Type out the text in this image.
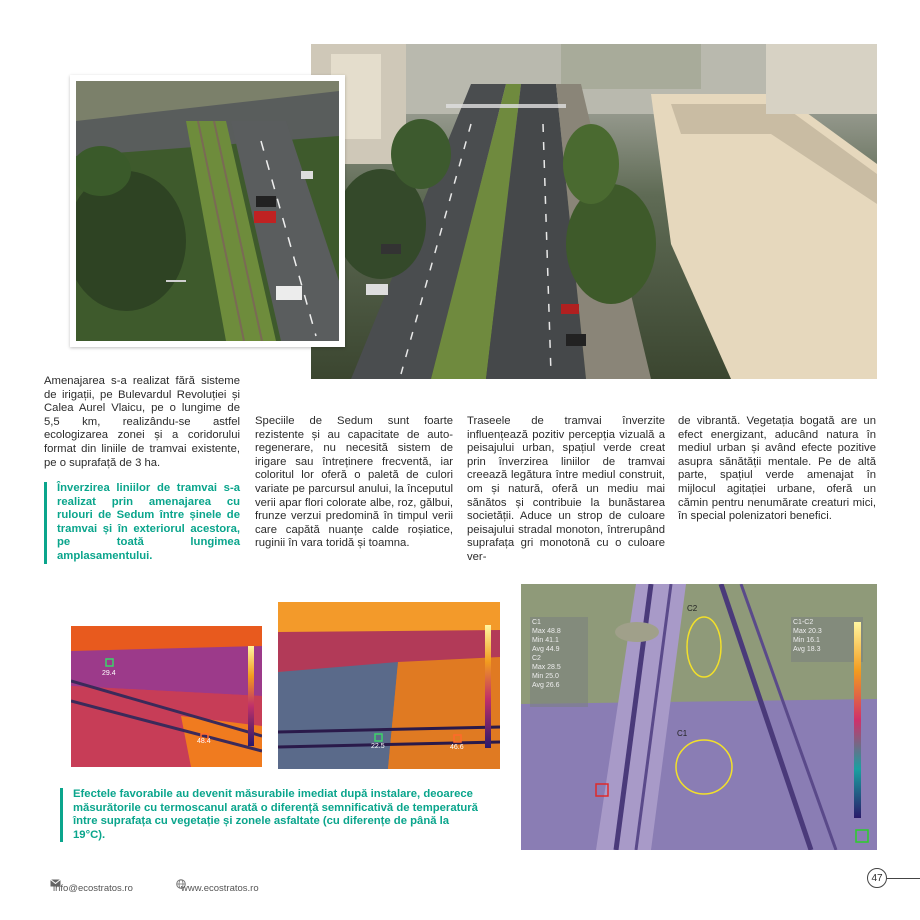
Amenajarea s-a realizat fără sisteme de irigații, pe Bulevardul Revoluției și Calea Aurel Vlaicu, pe o lungime de 5,5 km, realizându-se astfel ecologizarea zonei și a coridorului format din liniile de tramvai existente, pe o suprafață de 3 ha.

Înverzirea liniilor de tramvai s-a realizat prin amenajarea cu rulouri de Sedum între șinele de tramvai și în exteriorul acestora, pe toată lungimea amplasamentului.

Speciile de Sedum sunt foarte rezistente și au capacitate de auto-regenerare, nu necesită sistem de irigare sau întreținere frecventă, iar coloritul lor oferă o paletă de culori variate pe parcursul anului, la începutul verii apar flori colorate albe, roz, gălbui, frunze verzui predomină în timpul verii care capătă nuanțe calde roșiatice, ruginii în vara toridă și toamna.

Traseele de tramvai înverzite influențează pozitiv percepția vizuală a peisajului urban, spațiul verde creat prin înverzirea liniilor de tramvai creează legătura între mediul construit, om și natură, oferă un mediu mai sănătos și contribuie la bunăstarea societății. Aduce un strop de culoare peisajului stradal monoton, întrerupând suprafața gri monotonă cu o culoare ver-

de vibrantă. Vegetația bogată are un efect energizant, aducând natura în mediul urban și având efecte pozitive asupra sănătății mentale. Pe de altă parte, spațiul verde amenajat în mijlocul agitației urbane, oferă un cămin pentru nenumărate creaturi mici, în special polenizatori benefici.

29.4
48.4
22.5	46.6
C2
C1
C1
Max 48.8
Min 41.1
Avg 44.9
C2
Max 28.5
Min 25.0
Avg 26.6
C1-C2
Max 20.3
Min 16.1
Avg 18.3

Efectele favorabile au devenit măsurabile imediat după instalare, deoarece măsurătorile cu termoscanul arată o diferență semnificativă de temperatură între suprafața cu vegetație și zonele asfaltate (cu diferențe de până la 19°C).

info@ecostratos.ro	www.ecostratos.ro
47
